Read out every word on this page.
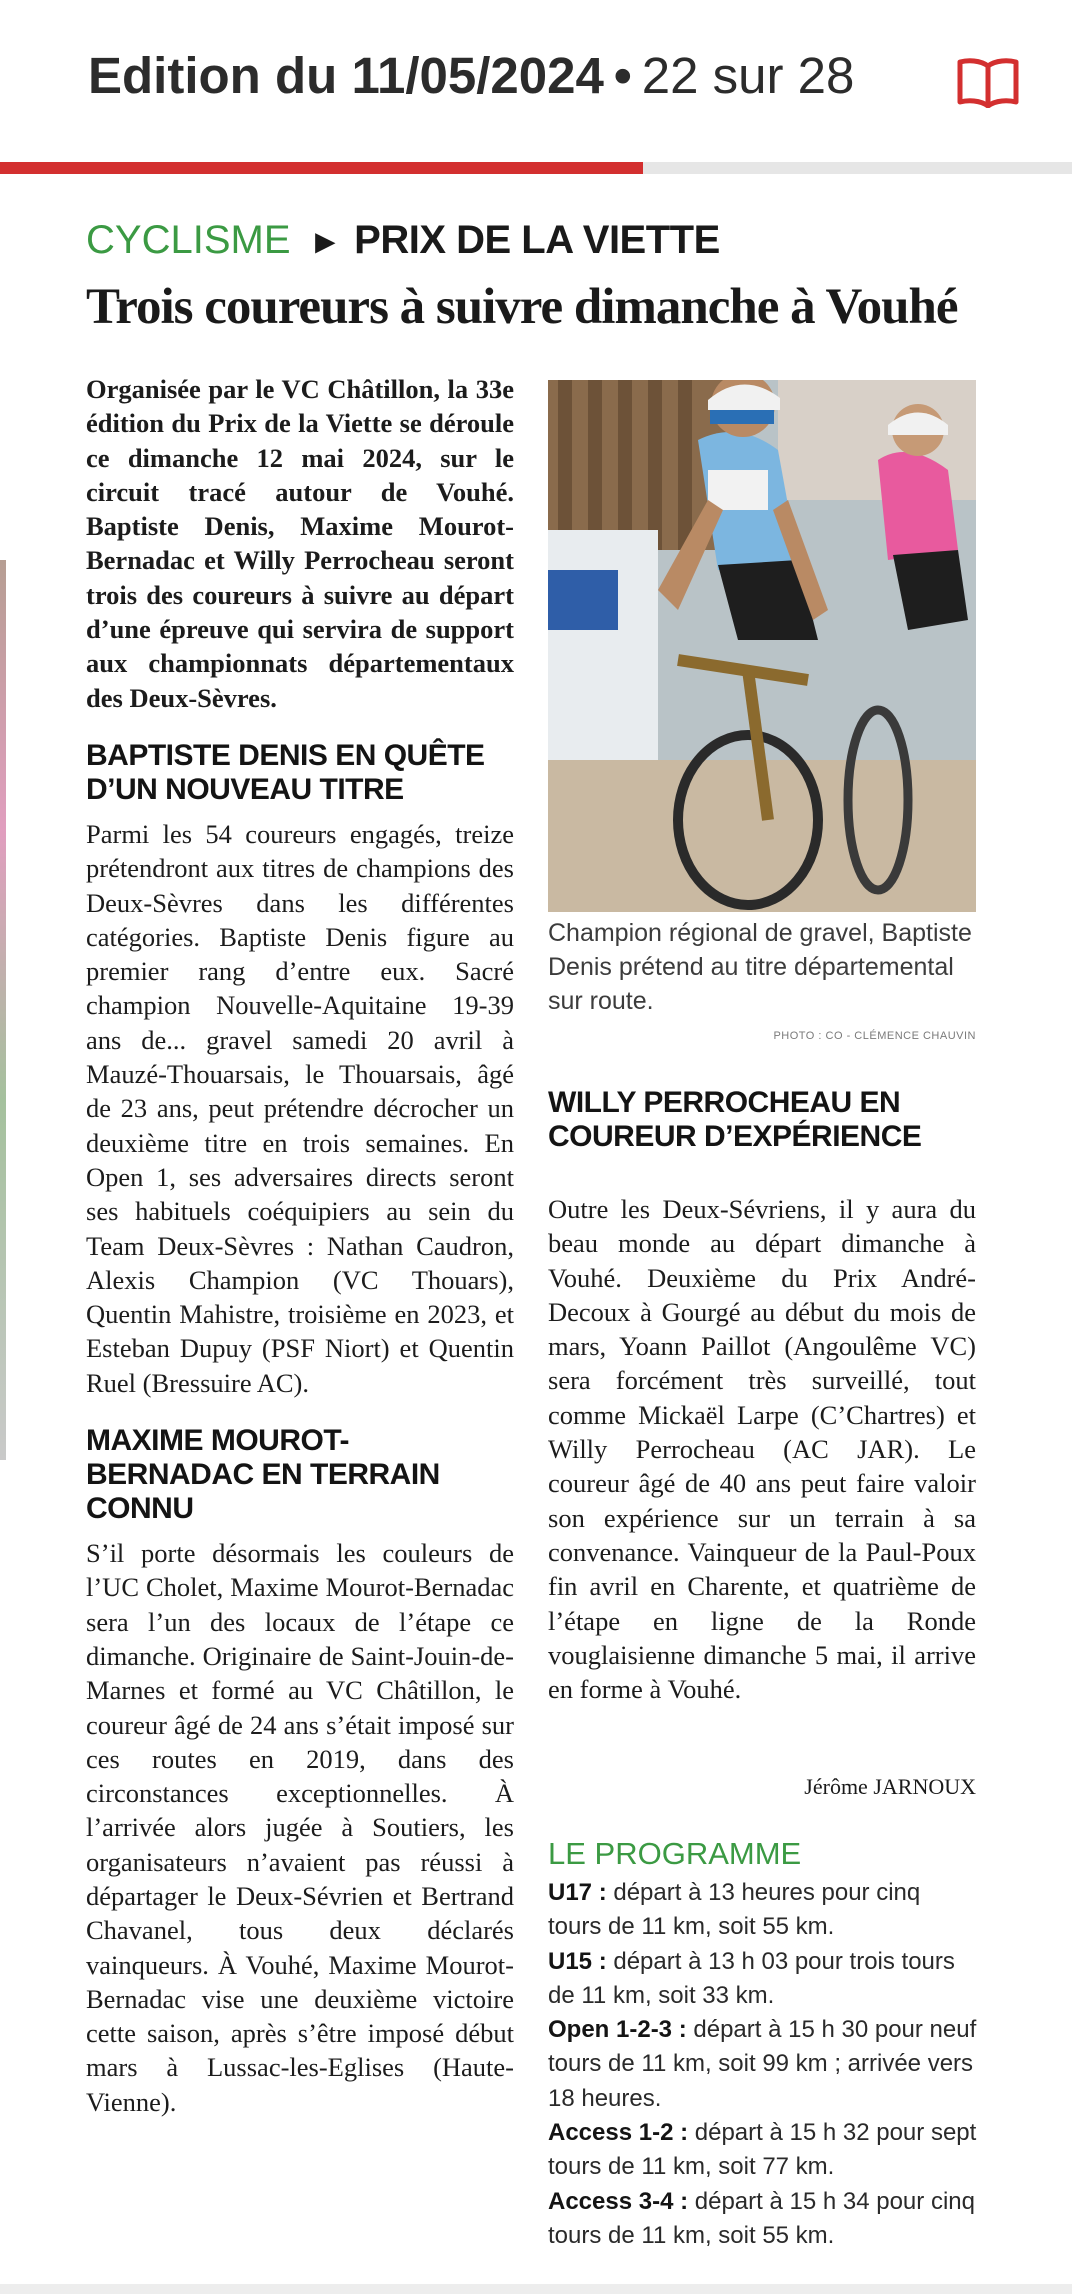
Edition du 11/05/2024 • 22 sur 28
CYCLISME ► PRIX DE LA VIETTE
Trois coureurs à suivre dimanche à Vouhé

Organisée par le VC Châtillon, la 33e édition du Prix de la Viette se déroule ce dimanche 12 mai 2024, sur le circuit tracé autour de Vouhé. Baptiste Denis, Maxime Mourot-Bernadac et Willy Perrocheau seront trois des coureurs à suivre au départ d’une épreuve qui servira de support aux championnats départementaux des Deux-Sèvres.

BAPTISTE DENIS EN QUÊTE D’UN NOUVEAU TITRE

Parmi les 54 coureurs engagés, treize prétendront aux titres de champions des Deux-Sèvres dans les différentes catégories. Baptiste Denis figure au premier rang d’entre eux. Sacré champion Nouvelle-Aquitaine 19-39 ans de... gravel samedi 20 avril à Mauzé-Thouarsais, le Thouarsais, âgé de 23 ans, peut prétendre décrocher un deuxième titre en trois semaines. En Open 1, ses adversaires directs seront ses habituels coéquipiers au sein du Team Deux-Sèvres : Nathan Caudron, Alexis Champion (VC Thouars), Quentin Mahistre, troisième en 2023, et Esteban Dupuy (PSF Niort) et Quentin Ruel (Bressuire AC).

MAXIME MOUROT-BERNADAC EN TERRAIN CONNU

S’il porte désormais les couleurs de l’UC Cholet, Maxime Mourot-Bernadac sera l’un des locaux de l’étape ce dimanche. Originaire de Saint-Jouin-de-Marnes et formé au VC Châtillon, le coureur âgé de 24 ans s’était imposé sur ces routes en 2019, dans des circonstances exceptionnelles. À l’arrivée alors jugée à Soutiers, les organisateurs n’avaient pas réussi à départager le Deux-Sévrien et Bertrand Chavanel, tous deux déclarés vainqueurs. À Vouhé, Maxime Mourot-Bernadac vise une deuxième victoire cette saison, après s’être imposé début mars à Lussac-les-Eglises (Haute-Vienne).

Champion régional de gravel, Baptiste Denis prétend au titre départemental sur route.
PHOTO : CO - CLÉMENCE CHAUVIN
WILLY PERROCHEAU EN COUREUR D’EXPÉRIENCE

Outre les Deux-Sévriens, il y aura du beau monde au départ dimanche à Vouhé. Deuxième du Prix André-Decoux à Gourgé au début du mois de mars, Yoann Paillot (Angoulême VC) sera forcément très surveillé, tout comme Mickaël Larpe (C’Chartres) et Willy Perrocheau (AC JAR). Le coureur âgé de 40 ans peut faire valoir son expérience sur un terrain à sa convenance. Vainqueur de la Paul-Poux fin avril en Charente, et quatrième de l’étape en ligne de la Ronde vouglaisienne dimanche 5 mai, il arrive en forme à Vouhé.

Jérôme JARNOUX
LE PROGRAMME

U17 : départ à 13 heures pour cinq tours de 11 km, soit 55 km.

U15 : départ à 13 h 03 pour trois tours de 11 km, soit 33 km.

Open 1-2-3 : départ à 15 h 30 pour neuf tours de 11 km, soit 99 km ; arrivée vers 18 heures.

Access 1-2 : départ à 15 h 32 pour sept tours de 11 km, soit 77 km.

Access 3-4 : départ à 15 h 34 pour cinq tours de 11 km, soit 55 km.
